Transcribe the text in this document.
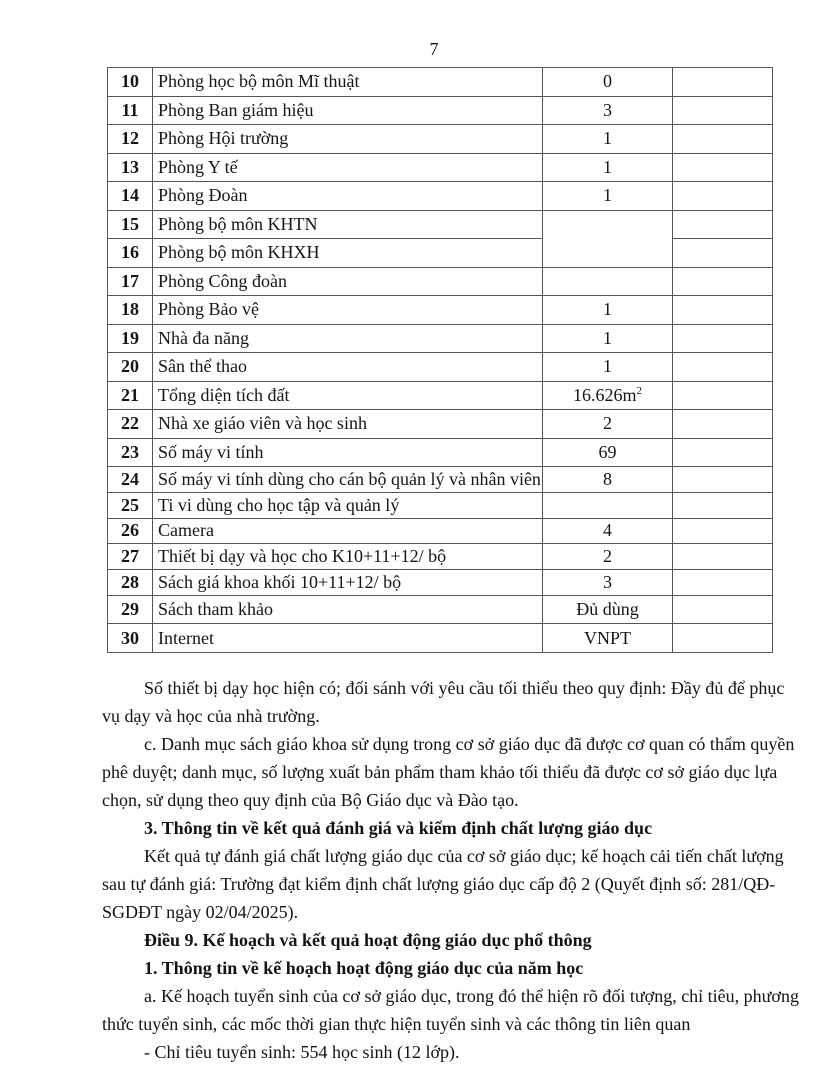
7
10	Phòng học bộ môn Mĩ thuật	0	
11	Phòng Ban giám hiệu	3	
12	Phòng Hội trường	1	
13	Phòng Y tế	1	
14	Phòng Đoàn	1	
15	Phòng bộ môn KHTN		
16	Phòng bộ môn KHXH		
17	Phòng Công đoàn		
18	Phòng Bảo vệ	1	
19	Nhà đa năng	1	
20	Sân thể thao	1	
21	Tổng diện tích đất	$16.626m^2$	
22	Nhà xe giáo viên và học sinh	2	
23	Số máy vi tính	69	
24	Số máy vi tính dùng cho cán bộ quản lý và nhân viên	8	
25	Ti vi dùng cho học tập và quản lý		
26	Camera	4	
27	Thiết bị dạy và học cho K10+11+12/ bộ	2	
28	Sách giá khoa khối 10+11+12/ bộ	3	
29	Sách tham khảo	Đủ dùng	
30	Internet	VNPT	
Số thiết bị dạy học hiện có; đối sánh với yêu cầu tối thiểu theo quy định: Đầy đủ để phục
vụ dạy và học của nhà trường.
c. Danh mục sách giáo khoa sử dụng trong cơ sở giáo dục đã được cơ quan có thẩm quyền
phê duyệt; danh mục, số lượng xuất bản phẩm tham khảo tối thiểu đã được cơ sở giáo dục lựa
chọn, sử dụng theo quy định của Bộ Giáo dục và Đào tạo.
3. Thông tin về kết quả đánh giá và kiểm định chất lượng giáo dục
Kết quả tự đánh giá chất lượng giáo dục của cơ sở giáo dục; kế hoạch cải tiến chất lượng
sau tự đánh giá: Trường đạt kiểm định chất lượng giáo dục cấp độ 2 (Quyết định số: 281/QĐ-
SGDĐT ngày 02/04/2025).
Điều 9. Kế hoạch và kết quả hoạt động giáo dục phổ thông
1. Thông tin về kế hoạch hoạt động giáo dục của năm học
a. Kế hoạch tuyển sinh của cơ sở giáo dục, trong đó thể hiện rõ đối tượng, chỉ tiêu, phương
thức tuyển sinh, các mốc thời gian thực hiện tuyển sinh và các thông tin liên quan
- Chỉ tiêu tuyển sinh: 554 học sinh (12 lớp).
